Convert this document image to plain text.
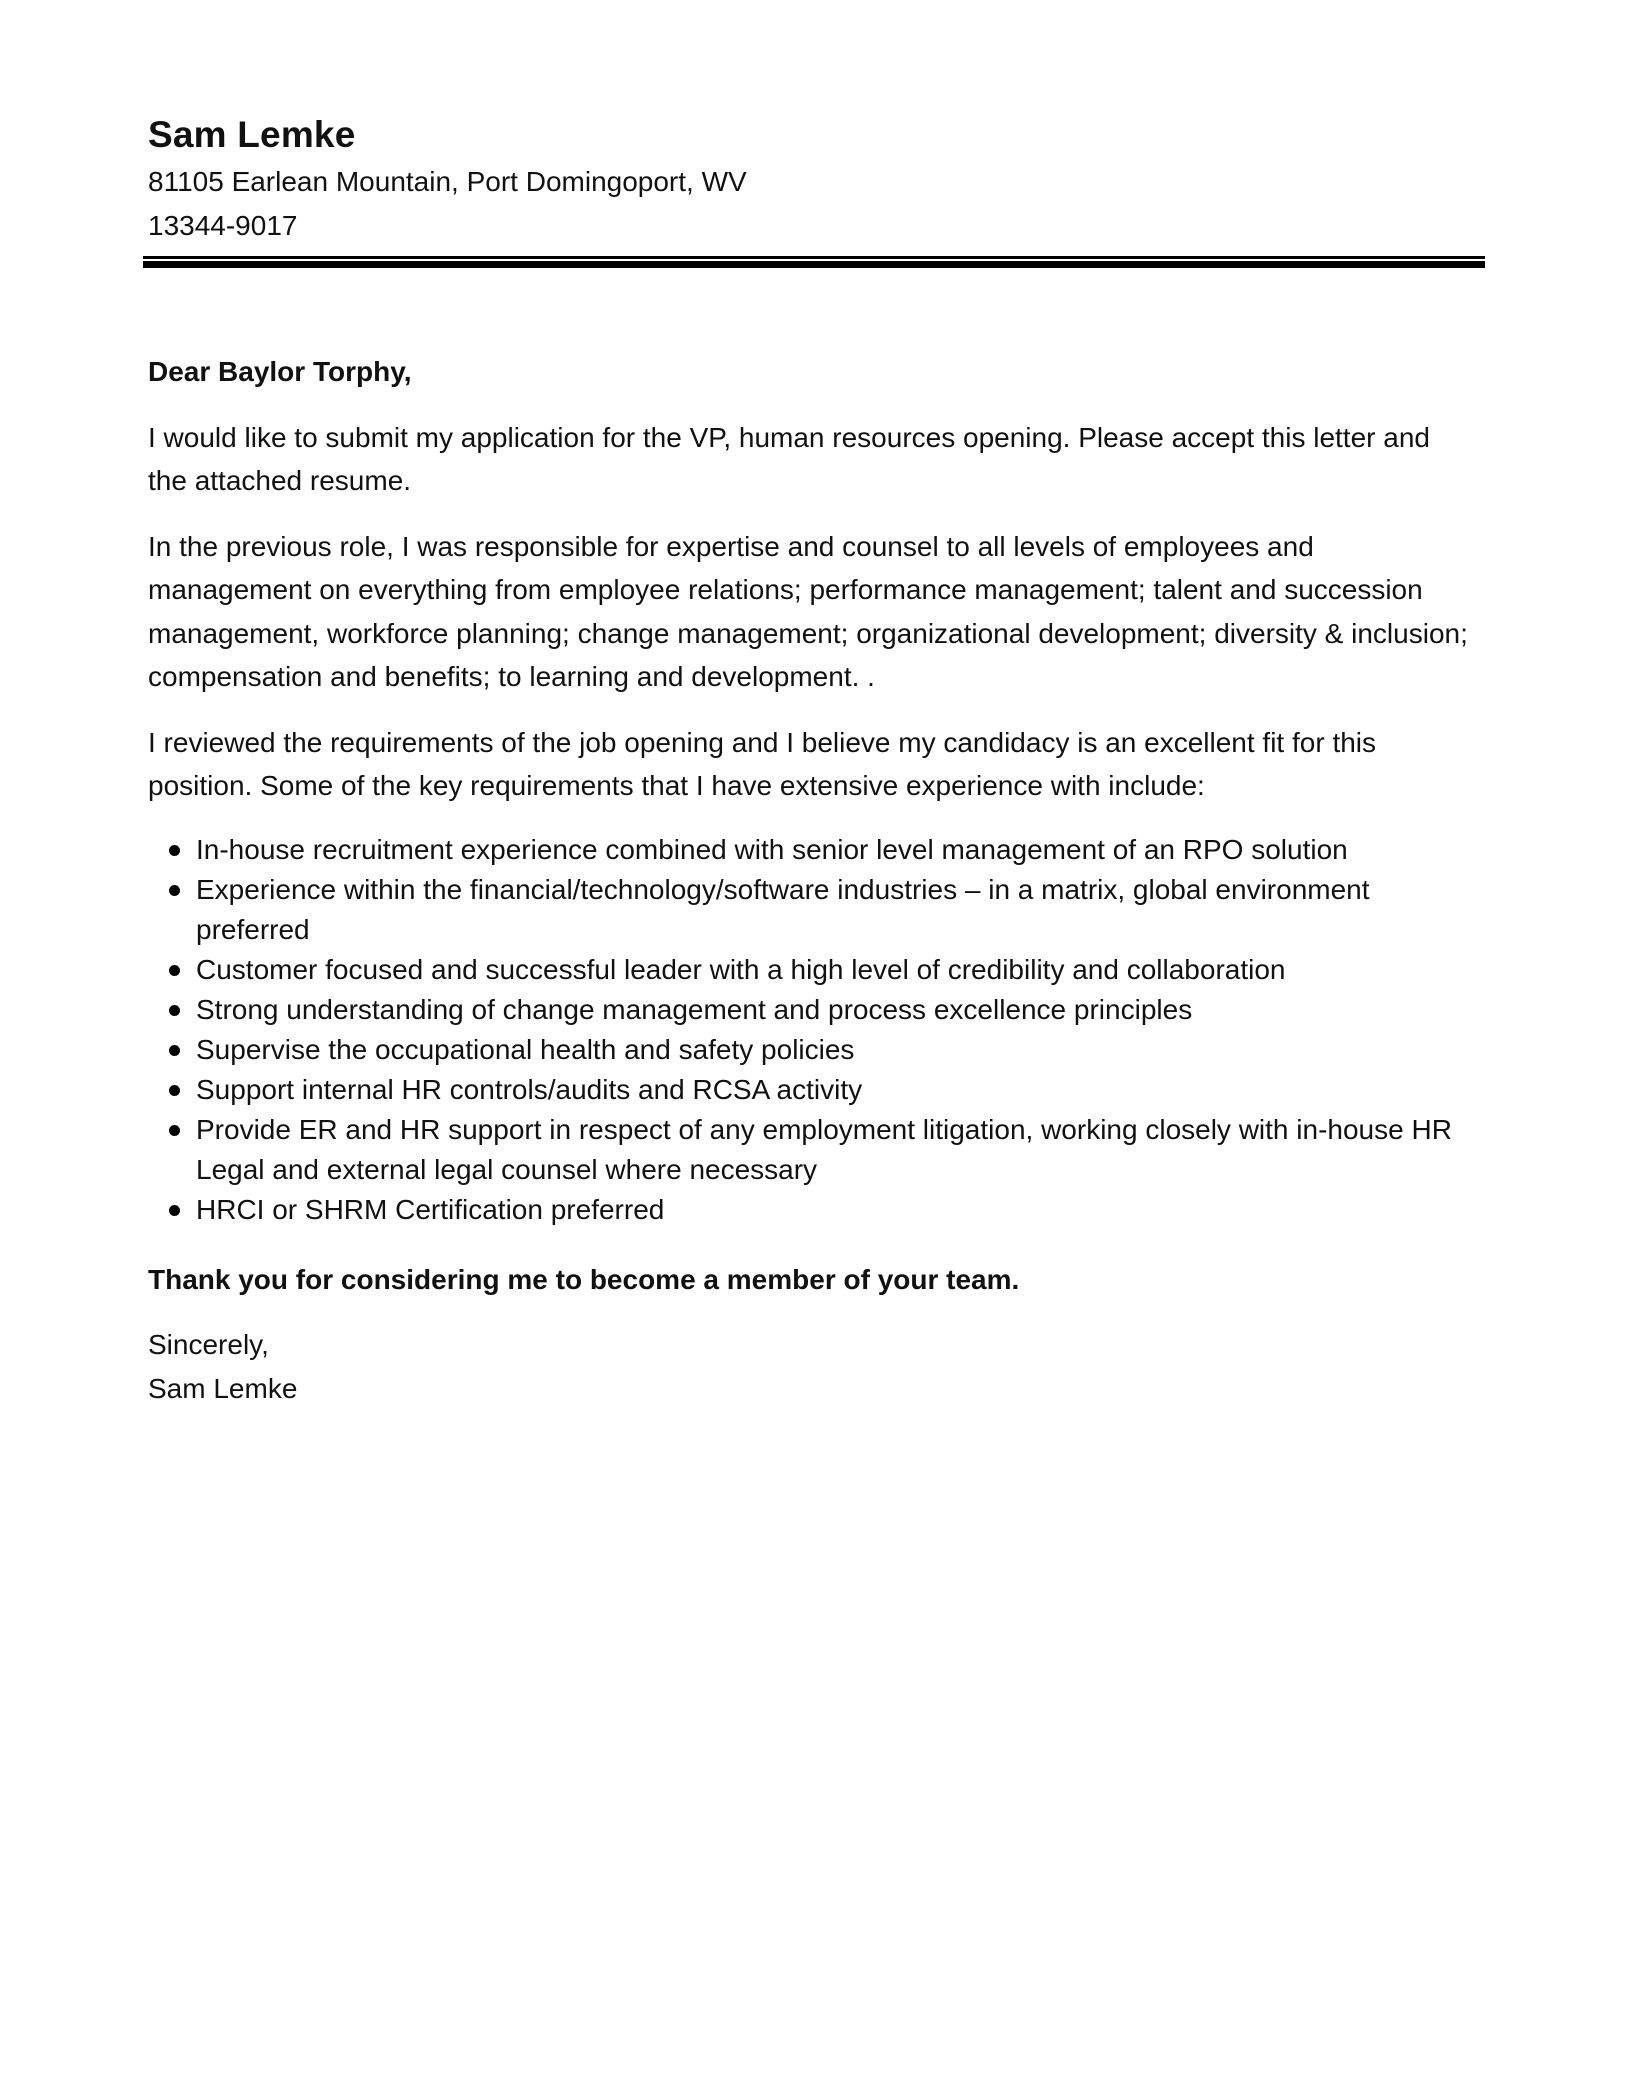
Sam Lemke

81105 Earlean Mountain, Port Domingoport, WV

13344-9017

Dear Baylor Torphy,

I would like to submit my application for the VP, human resources opening. Please accept this letter and the attached resume.

In the previous role, I was responsible for expertise and counsel to all levels of employees and management on everything from employee relations; performance management; talent and succession management, workforce planning; change management; organizational development; diversity & inclusion; compensation and benefits; to learning and development. .

I reviewed the requirements of the job opening and I believe my candidacy is an excellent fit for this position. Some of the key requirements that I have extensive experience with include:

In-house recruitment experience combined with senior level management of an RPO solution
Experience within the financial/technology/software industries – in a matrix, global environment preferred
Customer focused and successful leader with a high level of credibility and collaboration
Strong understanding of change management and process excellence principles
Supervise the occupational health and safety policies
Support internal HR controls/audits and RCSA activity
Provide ER and HR support in respect of any employment litigation, working closely with in-house HR Legal and external legal counsel where necessary
HRCI or SHRM Certification preferred

Thank you for considering me to become a member of your team.

Sincerely,

Sam Lemke
